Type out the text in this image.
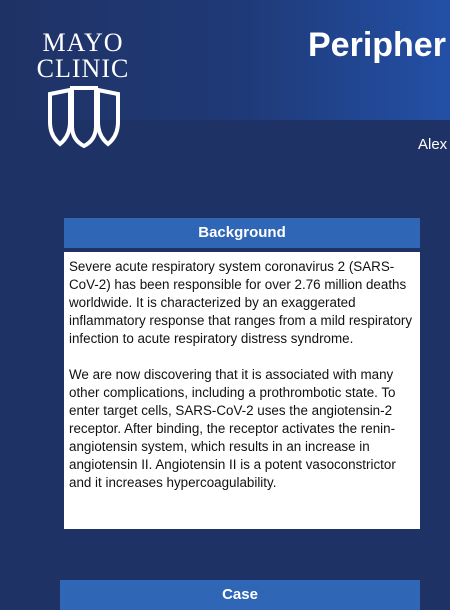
MAYO
CLINIC
Peripher
Alex
Background

Severe acute respiratory system coronavirus 2 (SARS-CoV-2) has been responsible for over 2.76 million deaths worldwide. It is characterized by an exaggerated inflammatory response that ranges from a mild respiratory infection to acute respiratory distress syndrome.

We are now discovering that it is associated with many other complications, including a prothrombotic state. To enter target cells, SARS-CoV-2 uses the angiotensin-2 receptor. After binding, the receptor activates the renin-angiotensin system, which results in an increase in angiotensin II. Angiotensin II is a potent vasoconstrictor and it increases hypercoagulability.

Case
